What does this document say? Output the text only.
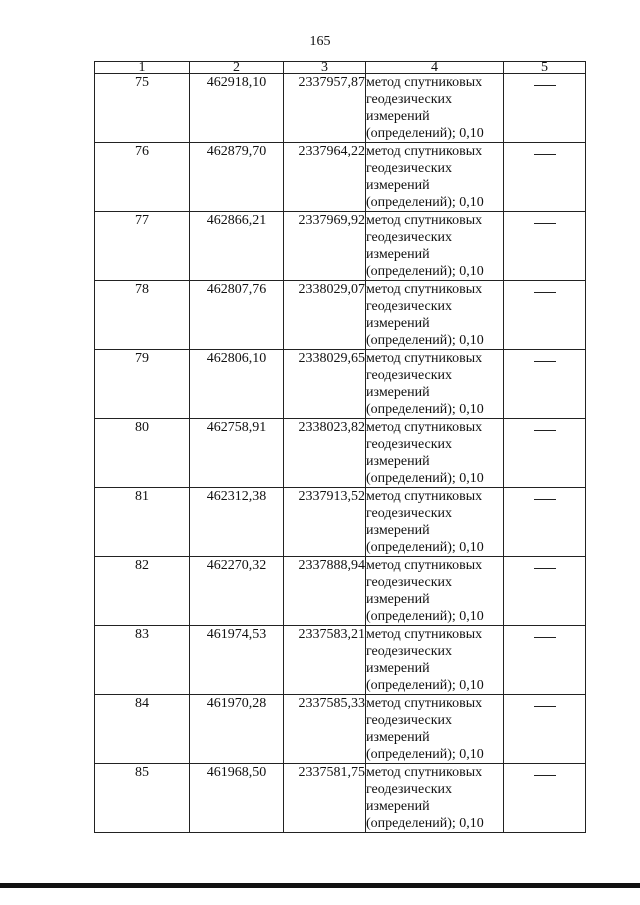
165
1	2	3	4	5
75	462918,10	2337957,87	метод спутниковых геодезических измерений (определений); 0,10	
76	462879,70	2337964,22	метод спутниковых геодезических измерений (определений); 0,10	
77	462866,21	2337969,92	метод спутниковых геодезических измерений (определений); 0,10	
78	462807,76	2338029,07	метод спутниковых геодезических измерений (определений); 0,10	
79	462806,10	2338029,65	метод спутниковых геодезических измерений (определений); 0,10	
80	462758,91	2338023,82	метод спутниковых геодезических измерений (определений); 0,10	
81	462312,38	2337913,52	метод спутниковых геодезических измерений (определений); 0,10	
82	462270,32	2337888,94	метод спутниковых геодезических измерений (определений); 0,10	
83	461974,53	2337583,21	метод спутниковых геодезических измерений (определений); 0,10	
84	461970,28	2337585,33	метод спутниковых геодезических измерений (определений); 0,10	
85	461968,50	2337581,75	метод спутниковых геодезических измерений (определений); 0,10	
